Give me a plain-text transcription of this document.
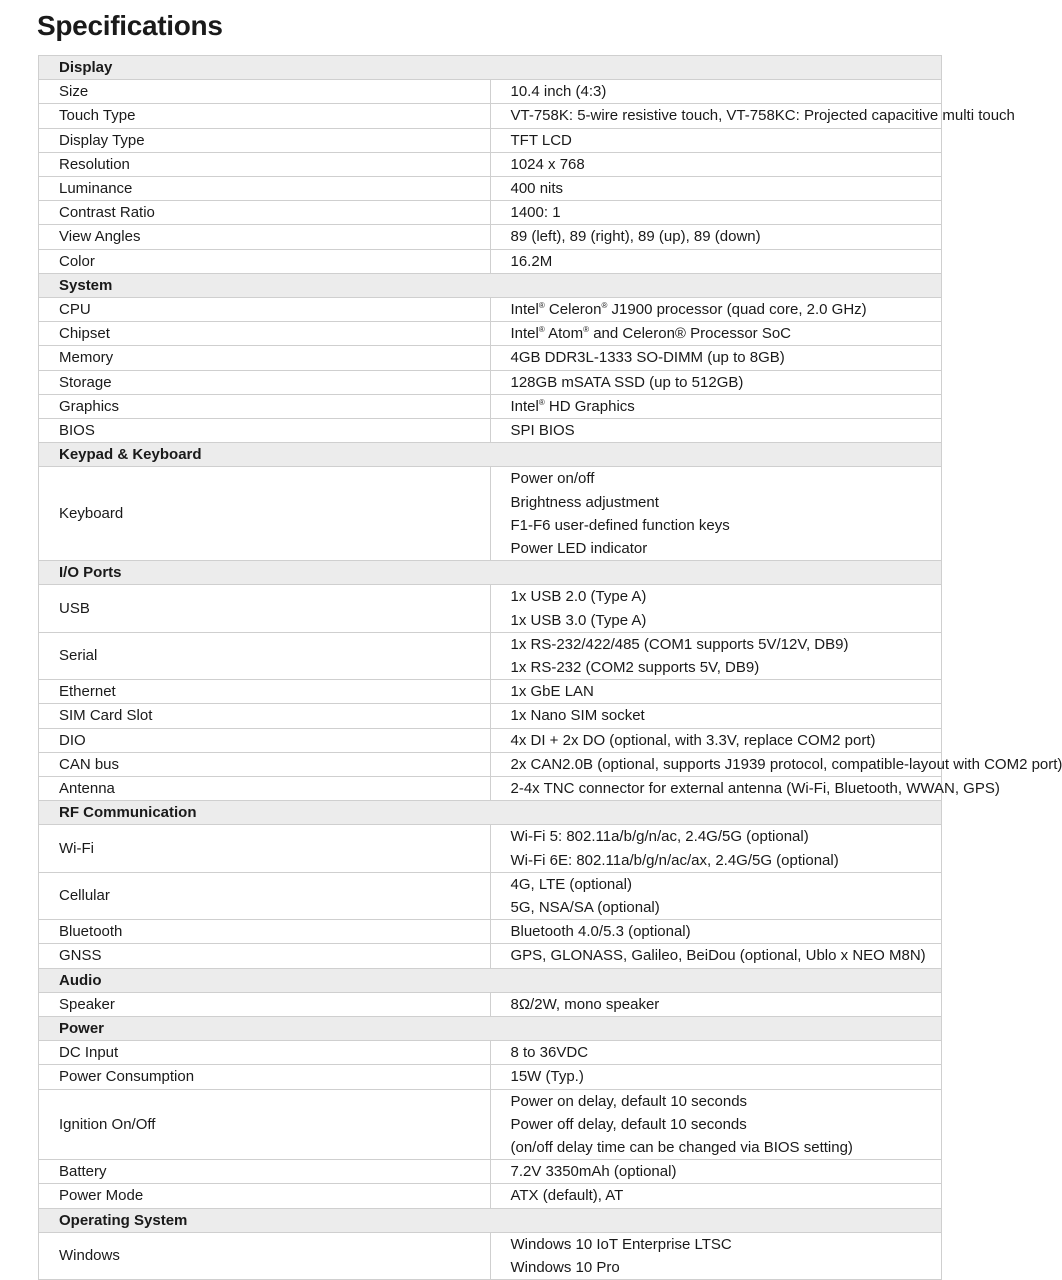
Specifications
Display	
Size	10.4 inch (4:3)

Touch Type	VT-758K: 5-wire resistive touch, VT-758KC: Projected capacitive multi touch

Display Type	TFT LCD

Resolution	1024 x 768

Luminance	400 nits

Contrast Ratio	1400: 1

View Angles	89 (left), 89 (right), 89 (up), 89 (down)

Color	16.2M

System	
CPU	Intel® Celeron® J1900 processor (quad core, 2.0 GHz)

Chipset	Intel® Atom® and Celeron® Processor SoC

Memory	4GB DDR3L-1333 SO-DIMM (up to 8GB)

Storage	128GB mSATA SSD (up to 512GB)

Graphics	Intel® HD Graphics

BIOS	SPI BIOS

Keypad & Keyboard	
Keyboard	Power on/off
Brightness adjustment
F1-F6 user-defined function keys
Power LED indicator

I/O Ports	
USB	1x USB 2.0 (Type A)
1x USB 3.0 (Type A)

Serial	1x RS-232/422/485 (COM1 supports 5V/12V, DB9)
1x RS-232 (COM2 supports 5V, DB9)

Ethernet	1x GbE LAN

SIM Card Slot	1x Nano SIM socket

DIO	4x DI + 2x DO (optional, with 3.3V, replace COM2 port)

CAN bus	2x CAN2.0B (optional, supports J1939 protocol, compatible-layout with COM2 port)

Antenna	2-4x TNC connector for external antenna (Wi-Fi, Bluetooth, WWAN, GPS)

RF Communication	
Wi-Fi	Wi-Fi 5: 802.11a/b/g/n/ac, 2.4G/5G (optional)
Wi-Fi 6E: 802.11a/b/g/n/ac/ax, 2.4G/5G (optional)

Cellular	4G, LTE (optional)
5G, NSA/SA (optional)

Bluetooth	Bluetooth 4.0/5.3 (optional)

GNSS	GPS, GLONASS, Galileo, BeiDou (optional, Ublo x NEO M8N)

Audio	
Speaker	8Ω/2W, mono speaker

Power	
DC Input	8 to 36VDC

Power Consumption	15W (Typ.)

Ignition On/Off	Power on delay, default 10 seconds
Power off delay, default 10 seconds
(on/off delay time can be changed via BIOS setting)

Battery	7.2V 3350mAh (optional)

Power Mode	ATX (default), AT

Operating System	
Windows	Windows 10 IoT Enterprise LTSC
Windows 10 Pro
